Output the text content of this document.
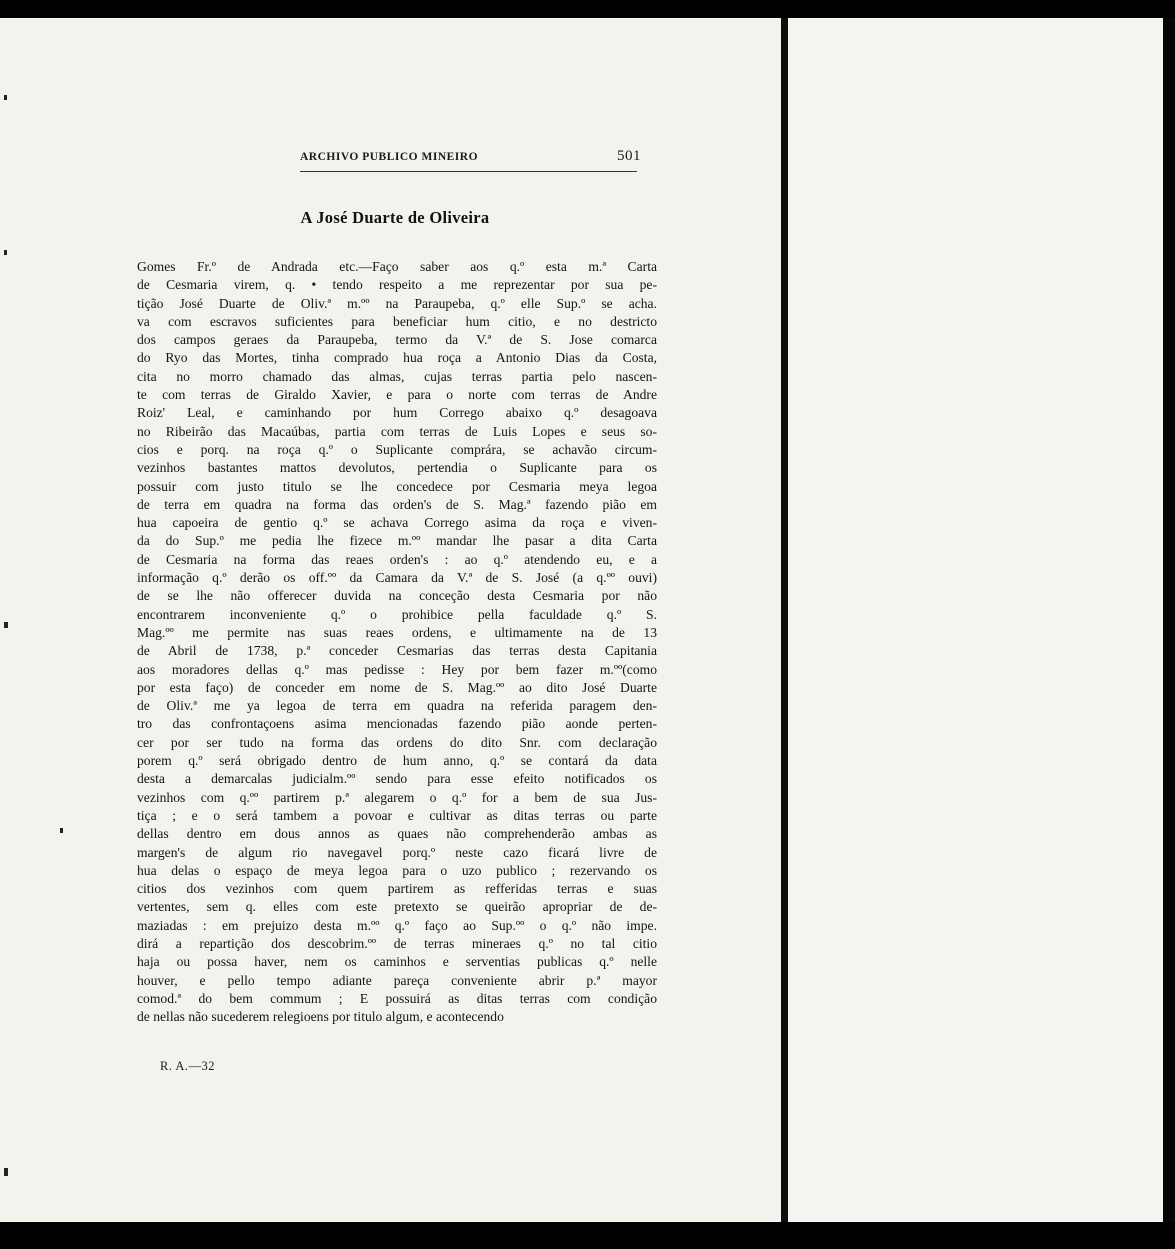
ARCHIVO PUBLICO MINEIRO	501
A José Duarte de Oliveira
Gomes Fr.º de Andrada etc.—Faço saber aos q.º esta m.ª Carta
de Cesmaria virem, q. • tendo respeito a me reprezentar por sua pe-
tição José Duarte de Oliv.ª m.ºº na Paraupeba, q.º elle Sup.º se acha.
va com escravos suficientes para beneficiar hum citio, e no destricto
dos campos geraes da Paraupeba, termo da V.ª de S. Jose comarca
do Ryo das Mortes, tinha comprado hua roça a Antonio Dias da Costa,
cita no morro chamado das almas, cujas terras partia pelo nascen-
te com terras de Giraldo Xavier, e para o norte com terras de Andre
Roiz' Leal, e caminhando por hum Corrego abaixo q.º desagoava
no Ribeirão das Macaúbas, partia com terras de Luis Lopes e seus so-
cios e porq. na roça q.º o Suplicante comprára, se achavão circum-
vezinhos bastantes mattos devolutos, pertendia o Suplicante para os
possuir com justo titulo se lhe concedece por Cesmaria meya legoa
de terra em quadra na forma das orden's de S. Mag.ª fazendo pião em
hua capoeira de gentio q.º se achava Corrego asima da roça e viven-
da do Sup.º me pedia lhe fizece m.ºº mandar lhe pasar a dita Carta
de Cesmaria na forma das reaes orden's : ao q.º atendendo eu, e a
informação q.º derão os off.ºº da Camara da V.ª de S. José (a q.ºº ouvi)
de se lhe não offerecer duvida na conceção desta Cesmaria por não
encontrarem inconveniente q.º o prohibice pella faculdade q.º S.
Mag.ºº me permite nas suas reaes ordens, e ultimamente na de 13
de Abril de 1738, p.ª conceder Cesmarias das terras desta Capitania
aos moradores dellas q.º mas pedisse : Hey por bem fazer m.ºº(como
por esta faço) de conceder em nome de S. Mag.ºº ao dito José Duarte
de Oliv.ª me ya legoa de terra em quadra na referida paragem den-
tro das confrontaçoens asima mencionadas fazendo pião aonde perten-
cer por ser tudo na forma das ordens do dito Snr. com declaração
porem q.º será obrigado dentro de hum anno, q.º se contará da data
desta a demarcalas judicialm.ºº sendo para esse efeito notificados os
vezinhos com q.ºº partirem p.ª alegarem o q.º for a bem de sua Jus-
tiça ; e o será tambem a povoar e cultivar as ditas terras ou parte
dellas dentro em dous annos as quaes não comprehenderão ambas as
margen's de algum rio navegavel porq.º neste cazo ficará livre de
hua delas o espaço de meya legoa para o uzo publico ; rezervando os
citios dos vezinhos com quem partirem as refferidas terras e suas
vertentes, sem q. elles com este pretexto se queirão apropriar de de-
maziadas : em prejuizo desta m.ºº q.º faço ao Sup.ºº o q.º não impe.
dirá a repartição dos descobrim.ºº de terras mineraes q.º no tal citio
haja ou possa haver, nem os caminhos e serventias publicas q.º nelle
houver, e pello tempo adiante pareça conveniente abrir p.ª mayor
comod.ª do bem commum ; E possuirá as ditas terras com condição
de nellas não sucederem relegioens por titulo algum, e acontecendo
R. A.—32
